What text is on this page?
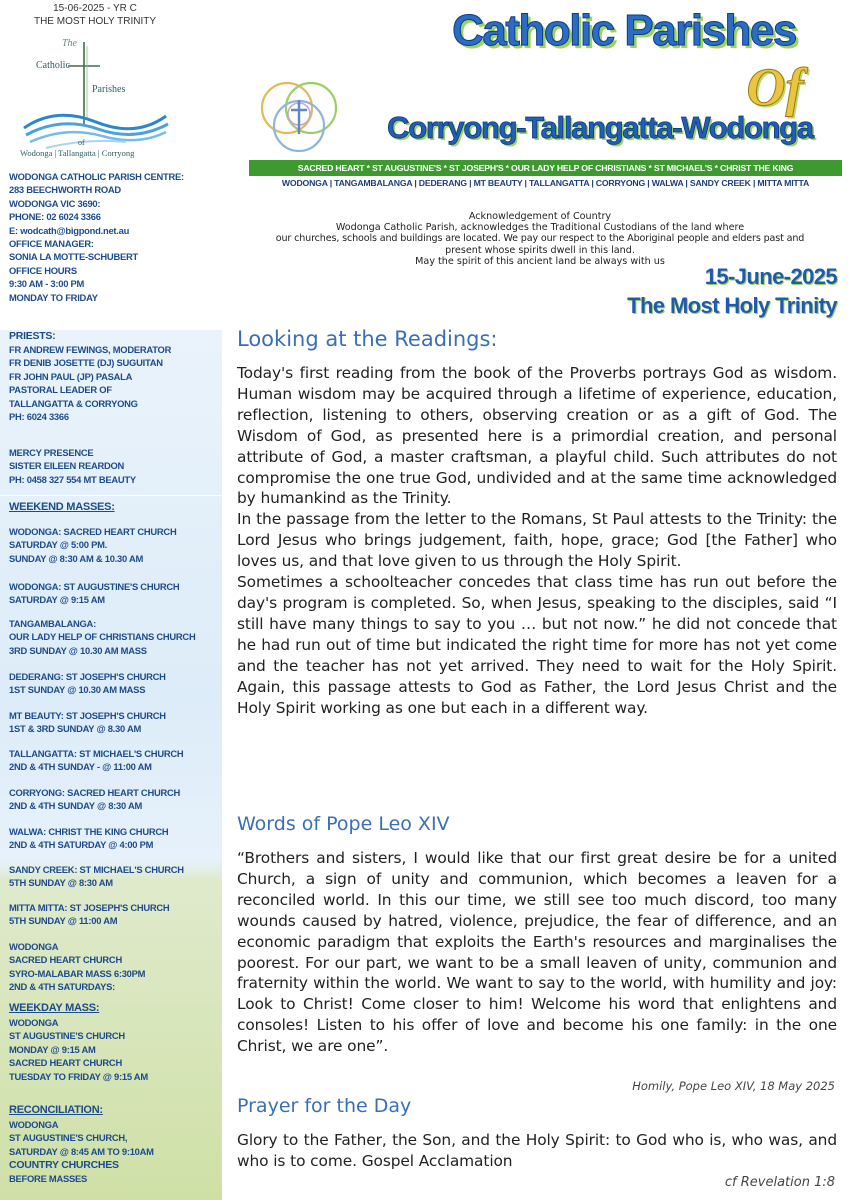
15-06-2025 - YR C
THE MOST HOLY TRINITY
The
Catholic
Parishes
of
Wodonga | Tallangatta | Corryong
WODONGA CATHOLIC PARISH CENTRE:
283 BEECHWORTH ROAD
WODONGA VIC 3690:
PHONE: 02 6024 3366
E: wodcath@bigpond.net.au
OFFICE MANAGER:
SONIA LA MOTTE-SCHUBERT
OFFICE HOURS
9:30 AM - 3:00 PM
MONDAY TO FRIDAY
PRIESTS:
FR ANDREW FEWINGS, MODERATOR
FR DENIB JOSETTE (DJ) SUGUITAN
FR JOHN PAUL (JP) PASALA
PASTORAL LEADER OF
TALLANGATTA & CORRYONG
PH: 6024 3366
MERCY PRESENCE
SISTER EILEEN REARDON
PH: 0458 327 554 MT BEAUTY
WEEKEND MASSES:
WODONGA: SACRED HEART CHURCH
SATURDAY @ 5:00 PM.
SUNDAY @ 8:30 AM & 10.30 AM
WODONGA: ST AUGUSTINE'S CHURCH
SATURDAY @ 9:15 AM
TANGAMBALANGA:
OUR LADY HELP OF CHRISTIANS CHURCH
3RD SUNDAY @ 10.30 AM MASS
DEDERANG: ST JOSEPH'S CHURCH
1ST SUNDAY @ 10.30 AM MASS
MT BEAUTY: ST JOSEPH'S CHURCH
1ST & 3RD SUNDAY @ 8.30 AM
TALLANGATTA: ST MICHAEL'S CHURCH
2ND & 4TH SUNDAY - @ 11:00 AM
CORRYONG: SACRED HEART CHURCH
2ND & 4TH SUNDAY @ 8:30 AM
WALWA: CHRIST THE KING CHURCH
2ND & 4TH SATURDAY @ 4:00 PM
SANDY CREEK: ST MICHAEL'S CHURCH
5TH SUNDAY @ 8:30 AM
MITTA MITTA: ST JOSEPH'S CHURCH
5TH SUNDAY @ 11:00 AM
WODONGA
SACRED HEART CHURCH
SYRO-MALABAR MASS 6:30PM
2ND & 4TH SATURDAYS:
WEEKDAY MASS:
WODONGA
ST AUGUSTINE'S CHURCH
MONDAY @ 9:15 AM
SACRED HEART CHURCH
TUESDAY TO FRIDAY @ 9:15 AM
RECONCILIATION:
WODONGA
ST AUGUSTINE'S CHURCH,
SATURDAY @ 8:45 AM TO 9:10AM
COUNTRY CHURCHES
BEFORE MASSES
Catholic Parishes
Of
Corryong-Tallangatta-Wodonga
SACRED HEART * ST AUGUSTINE'S * ST JOSEPH'S * OUR LADY HELP OF CHRISTIANS * ST MICHAEL'S * CHRIST THE KING
WODONGA | TANGAMBALANGA | DEDERANG | MT BEAUTY | TALLANGATTA | CORRYONG | WALWA | SANDY CREEK | MITTA MITTA
Acknowledgement of Country
Wodonga Catholic Parish, acknowledges the Traditional Custodians of the land where
our churches, schools and buildings are located. We pay our respect to the Aboriginal people and elders past and
present whose spirits dwell in this land.
May the spirit of this ancient land be always with us
15-June-2025
The Most Holy Trinity
Looking at the Readings:

Today's first reading from the book of the Proverbs portrays God as wisdom. Human wisdom may be acquired through a lifetime of experience, education, reflection, listening to others, observing creation or as a gift of God. The Wisdom of God, as presented here is a primordial creation, and personal attribute of God, a master craftsman, a playful child. Such attributes do not compromise the one true God, undivided and at the same time acknowledged by humankind as the Trinity.

In the passage from the letter to the Romans, St Paul attests to the Trinity: the Lord Jesus who brings judgement, faith, hope, grace; God [the Father] who loves us, and that love given to us through the Holy Spirit.

Sometimes a schoolteacher concedes that class time has run out before the day's program is completed. So, when Jesus, speaking to the disciples, said “I still have many things to say to you … but not now.” he did not concede that he had run out of time but indicated the right time for more has not yet come and the teacher has not yet arrived. They need to wait for the Holy Spirit. Again, this passage attests to God as Father, the Lord Jesus Christ and the Holy Spirit working as one but each in a different way.

Words of Pope Leo XIV

“Brothers and sisters, I would like that our first great desire be for a united Church, a sign of unity and communion, which becomes a leaven for a reconciled world. In this our time, we still see too much discord, too many wounds caused by hatred, violence, prejudice, the fear of difference, and an economic paradigm that exploits the Earth's resources and marginalises the poorest. For our part, we want to be a small leaven of unity, communion and fraternity within the world. We want to say to the world, with humility and joy: Look to Christ! Come closer to him! Welcome his word that enlightens and consoles! Listen to his offer of love and become his one family: in the one Christ, we are one”.

Homily, Pope Leo XIV, 18 May 2025
Prayer for the Day

Glory to the Father, the Son, and the Holy Spirit: to God who is, who was, and who is to come. Gospel Acclamation

cf Revelation 1:8
